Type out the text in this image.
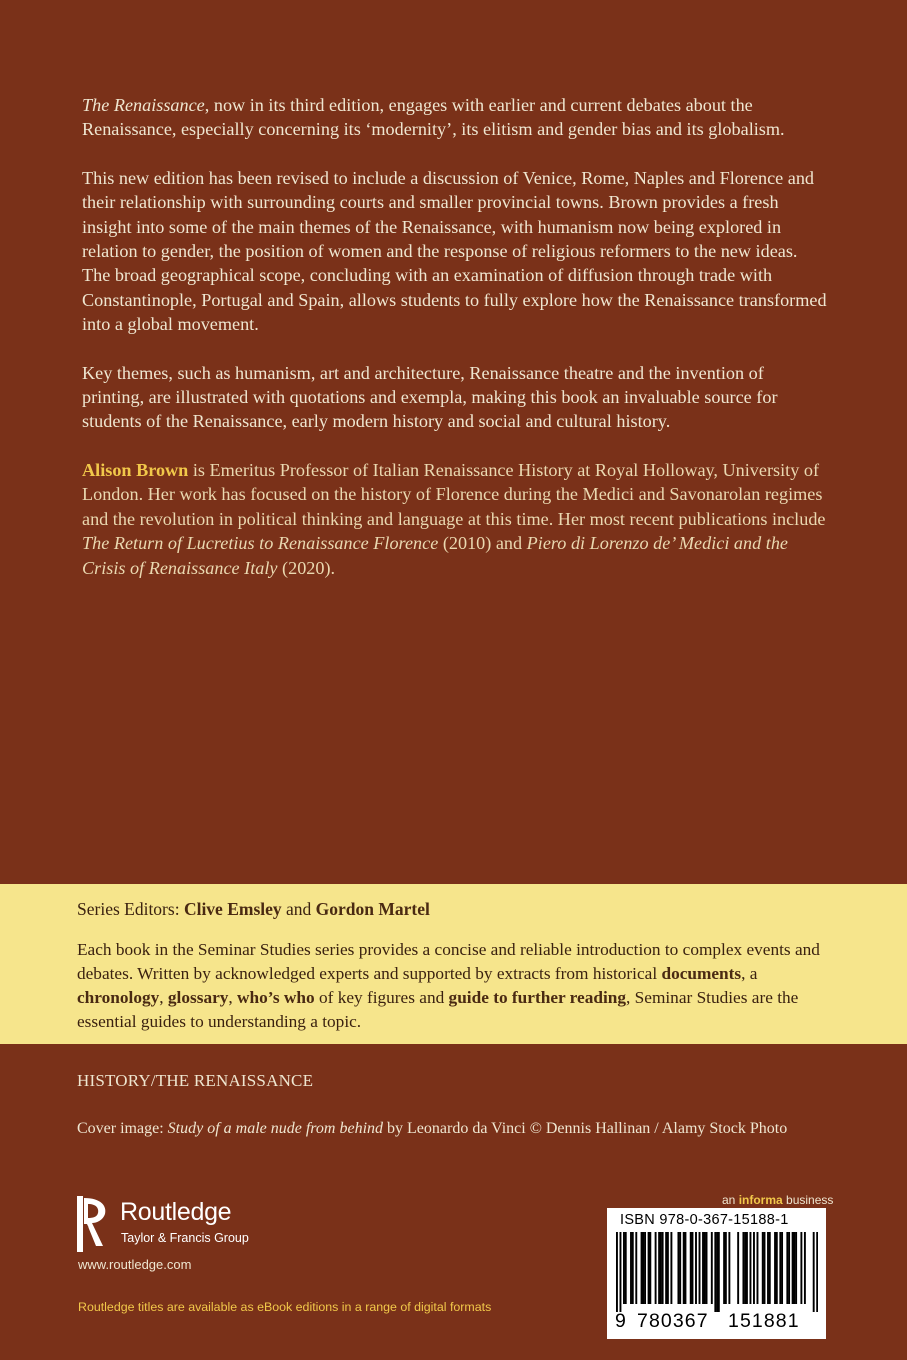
The Renaissance, now in its third edition, engages with earlier and current debates about the Renaissance, especially concerning its ‘modernity’, its elitism and gender bias and its globalism.

This new edition has been revised to include a discussion of Venice, Rome, Naples and Florence and their relationship with surrounding courts and smaller provincial towns. Brown provides a fresh insight into some of the main themes of the Renaissance, with humanism now being explored in relation to gender, the position of women and the response of religious reformers to the new ideas. The broad geographical scope, concluding with an examination of diffusion through trade with Constantinople, Portugal and Spain, allows students to fully explore how the Renaissance transformed into a global movement.

Key themes, such as humanism, art and architecture, Renaissance theatre and the invention of printing, are illustrated with quotations and exempla, making this book an invaluable source for students of the Renaissance, early modern history and social and cultural history.

Alison Brown is Emeritus Professor of Italian Renaissance History at Royal Holloway, University of London. Her work has focused on the history of Florence during the Medici and Savonarolan regimes and the revolution in political thinking and language at this time. Her most recent publications include The Return of Lucretius to Renaissance Florence (2010) and Piero di Lorenzo de’ Medici and the Crisis of Renaissance Italy (2020).

Series Editors: Clive Emsley and Gordon Martel
Each book in the Seminar Studies series provides a concise and reliable introduction to complex events and debates. Written by acknowledged experts and supported by extracts from historical documents, a chronology, glossary, who’s who of key figures and guide to further reading, Seminar Studies are the essential guides to understanding a topic.
HISTORY/THE RENAISSANCE
Cover image: Study of a male nude from behind by Leonardo da Vinci © Dennis Hallinan / Alamy Stock Photo
Routledge
Taylor & Francis Group
www.routledge.com
Routledge titles are available as eBook editions in a range of digital formats
an informa business
ISBN 978-0-367-15188-1
9 780367 151881
